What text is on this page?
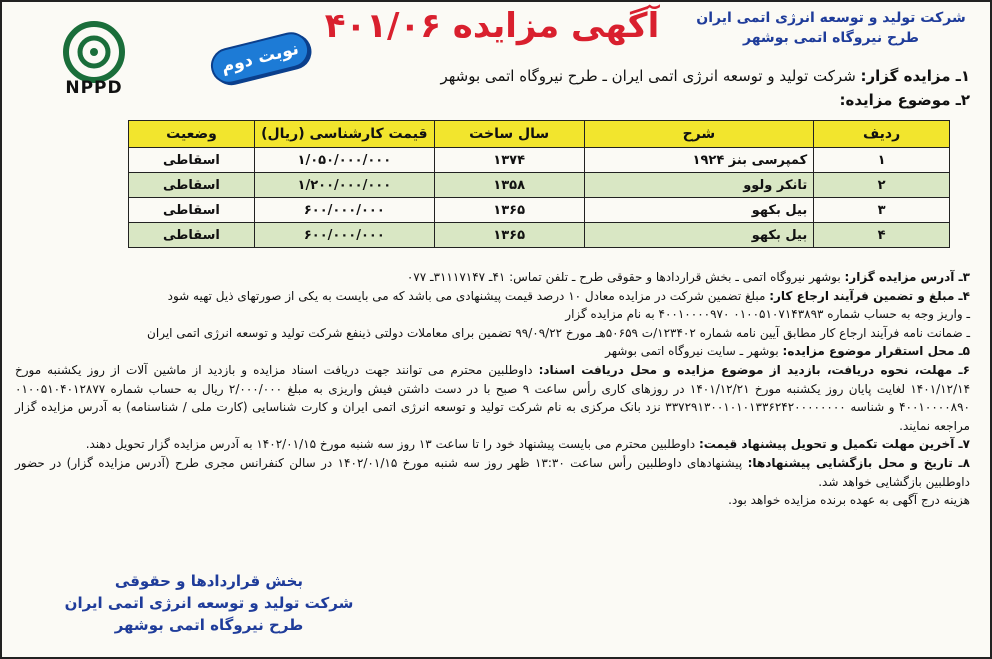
شرکت تولید و توسعه انرژی اتمی ایران
طرح نیروگاه اتمی بوشهر
آگهی مزایده ۴۰۱/۰۶
نوبت دوم
NPPD
۱ـ مزایده گزار: شرکت تولید و توسعه انرژی اتمی ایران ـ طرح نیروگاه اتمی بوشهر
۲ـ موضوع مزایده:
ردیف	شرح	سال ساخت	قیمت کارشناسی (ریال)	وضعیت
۱	کمپرسی بنز ۱۹۲۴	۱۳۷۴	۱/۰۵۰/۰۰۰/۰۰۰	اسقاطی
۲	تانکر ولوو	۱۳۵۸	۱/۲۰۰/۰۰۰/۰۰۰	اسقاطی
۳	بیل بکهو	۱۳۶۵	۶۰۰/۰۰۰/۰۰۰	اسقاطی
۴	بیل بکهو	۱۳۶۵	۶۰۰/۰۰۰/۰۰۰	اسقاطی

۳ـ آدرس مزایده گزار: بوشهر نیروگاه اتمی ـ بخش قراردادها و حقوقی طرح ـ تلفن تماس: ۴۱ـ ۳۱۱۱۷۱۴۷ـ ۰۷۷

۴ـ مبلغ و تضمین فرآیند ارجاع کار: مبلغ تضمین شرکت در مزایده معادل ۱۰ درصد قیمت پیشنهادی می باشد که می بایست به یکی از صورتهای ذیل تهیه شود

ـ واریز وجه به حساب شماره ۰۱۰۰۵۱۰۷۱۴۳۸۹۳ ۴۰۰۱۰۰۰۰۹۷۰ به نام مزایده گزار

ـ ضمانت نامه فرآیند ارجاع کار مطابق آیین نامه شماره ۱۲۳۴۰۲/ت ۵۰۶۵۹هـ مورخ ۹۹/۰۹/۲۲ تضمین برای معاملات دولتی ذینفع شرکت تولید و توسعه انرژی اتمی ایران

۵ـ محل استقرار موضوع مزایده: بوشهر ـ سایت نیروگاه اتمی بوشهر

۶ـ مهلت، نحوه دریافت، بازدید از موضوع مزایده و محل دریافت اسناد: داوطلبین محترم می توانند جهت دریافت اسناد مزایده و بازدید از ماشین آلات از روز یکشنبه مورخ ۱۴۰۱/۱۲/۱۴ لغایت پایان روز یکشنبه مورخ ۱۴۰۱/۱۲/۲۱ در روزهای کاری رأس ساعت ۹ صبح با در دست داشتن فیش واریزی به مبلغ ۲/۰۰۰/۰۰۰ ریال به حساب شماره ۰۱۰۰۵۱۰۴۰۱۲۸۷۷ ۴۰۰۱۰۰۰۰۸۹۰ و شناسه ۳۳۷۲۹۱۳۰۰۱۰۱۰۱۳۳۶۲۴۲۰۰۰۰۰۰۰۰ نزد بانک مرکزی به نام شرکت تولید و توسعه انرژی اتمی ایران و کارت شناسایی (کارت ملی / شناسنامه) به آدرس مزایده گزار مراجعه نمایند.

۷ـ آخرین مهلت تکمیل و تحویل پیشنهاد قیمت: داوطلبین محترم می بایست پیشنهاد خود را تا ساعت ۱۳ روز سه شنبه مورخ ۱۴۰۲/۰۱/۱۵ به آدرس مزایده گزار تحویل دهند.

۸ـ تاریخ و محل بازگشایی پیشنهادها: پیشنهادهای داوطلبین رأس ساعت ۱۳:۳۰ ظهر روز سه شنبه مورخ ۱۴۰۲/۰۱/۱۵ در سالن کنفرانس مجری طرح (آدرس مزایده گزار) در حضور داوطلبین بازگشایی خواهد شد.

هزینه درج آگهی به عهده برنده مزایده خواهد بود.

بخش قراردادها و حقوقی
شرکت تولید و توسعه انرژی اتمی ایران
طرح نیروگاه اتمی بوشهر
